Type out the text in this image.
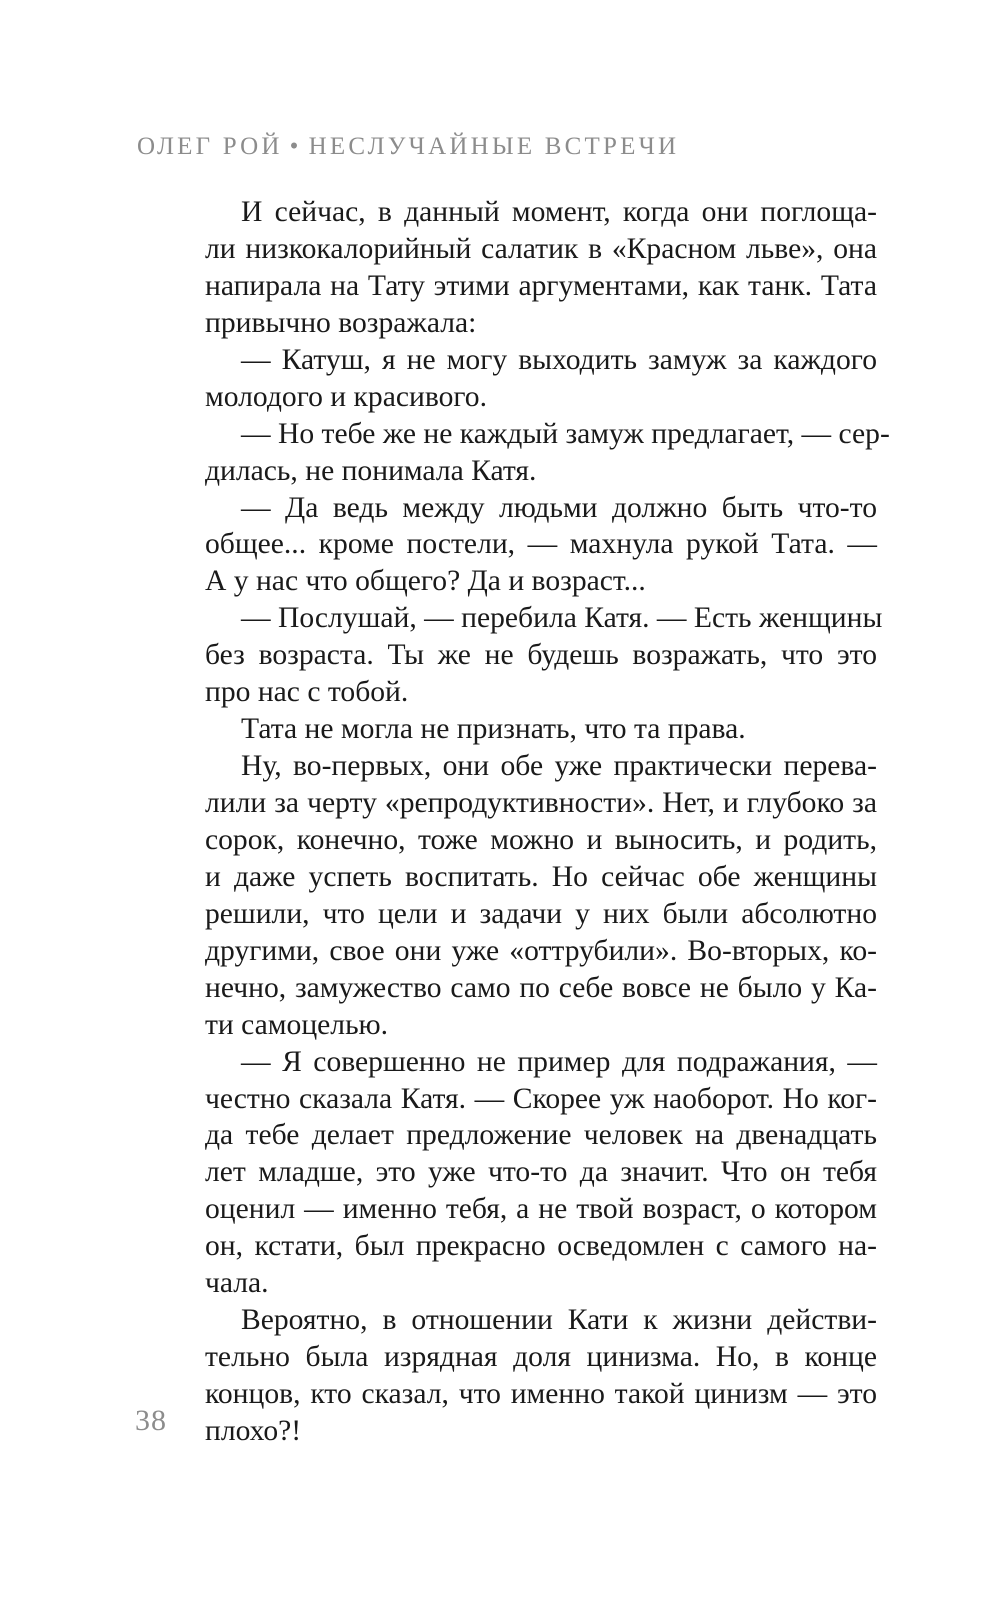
ОЛЕГ РОЙ • НЕСЛУЧАЙНЫЕ ВСТРЕЧИ
И сейчас, в данный момент, когда они поглоща-
ли низкокалорийный салатик в «Красном льве», она
напирала на Тату этими аргументами, как танк. Тата
привычно возражала:
— Катуш, я не могу выходить замуж за каждого
молодого и красивого.
— Но тебе же не каждый замуж предлагает, — сер-
дилась, не понимала Катя.
— Да ведь между людьми должно быть что-то
общее... кроме постели, — махнула рукой Тата. —
А у нас что общего? Да и возраст...
— Послушай, — перебила Катя. — Есть женщины
без возраста. Ты же не будешь возражать, что это
про нас с тобой.
Тата не могла не признать, что та права.
Ну, во-первых, они обе уже практически перева-
лили за черту «репродуктивности». Нет, и глубоко за
сорок, конечно, тоже можно и выносить, и родить,
и даже успеть воспитать. Но сейчас обе женщины
решили, что цели и задачи у них были абсолютно
другими, свое они уже «оттрубили». Во-вторых, ко-
нечно, замужество само по себе вовсе не было у Ка-
ти самоцелью.
— Я совершенно не пример для подражания, —
честно сказала Катя. — Скорее уж наоборот. Но ког-
да тебе делает предложение человек на двенадцать
лет младше, это уже что-то да значит. Что он тебя
оценил — именно тебя, а не твой возраст, о котором
он, кстати, был прекрасно осведомлен с самого на-
чала.
Вероятно, в отношении Кати к жизни действи-
тельно была изрядная доля цинизма. Но, в конце
концов, кто сказал, что именно такой цинизм — это
плохо?!
38
